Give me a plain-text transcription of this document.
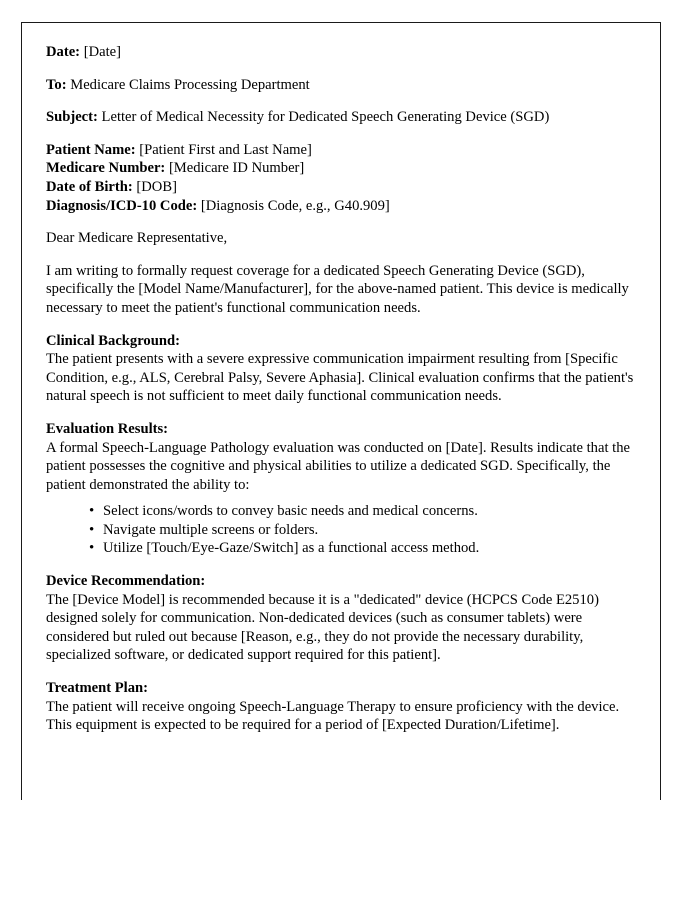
Date: [Date]
To: Medicare Claims Processing Department
Subject: Letter of Medical Necessity for Dedicated Speech Generating Device (SGD)
Patient Name: [Patient First and Last Name]
Medicare Number: [Medicare ID Number]
Date of Birth: [DOB]
Diagnosis/ICD-10 Code: [Diagnosis Code, e.g., G40.909]
Dear Medicare Representative,

I am writing to formally request coverage for a dedicated Speech Generating Device (SGD), specifically the [Model Name/Manufacturer], for the above-named patient. This device is medically necessary to meet the patient's functional communication needs.

Clinical Background:

The patient presents with a severe expressive communication impairment resulting from [Specific Condition, e.g., ALS, Cerebral Palsy, Severe Aphasia]. Clinical evaluation confirms that the patient's natural speech is not sufficient to meet daily functional communication needs.

Evaluation Results:

A formal Speech-Language Pathology evaluation was conducted on [Date]. Results indicate that the patient possesses the cognitive and physical abilities to utilize a dedicated SGD. Specifically, the patient demonstrated the ability to:

• Select icons/words to convey basic needs and medical concerns.
• Navigate multiple screens or folders.
• Utilize [Touch/Eye-Gaze/Switch] as a functional access method.
Device Recommendation:

The [Device Model] is recommended because it is a "dedicated" device (HCPCS Code E2510) designed solely for communication. Non-dedicated devices (such as consumer tablets) were considered but ruled out because [Reason, e.g., they do not provide the necessary durability, specialized software, or dedicated support required for this patient].

Treatment Plan:

The patient will receive ongoing Speech-Language Therapy to ensure proficiency with the device. This equipment is expected to be required for a period of [Expected Duration/Lifetime].
